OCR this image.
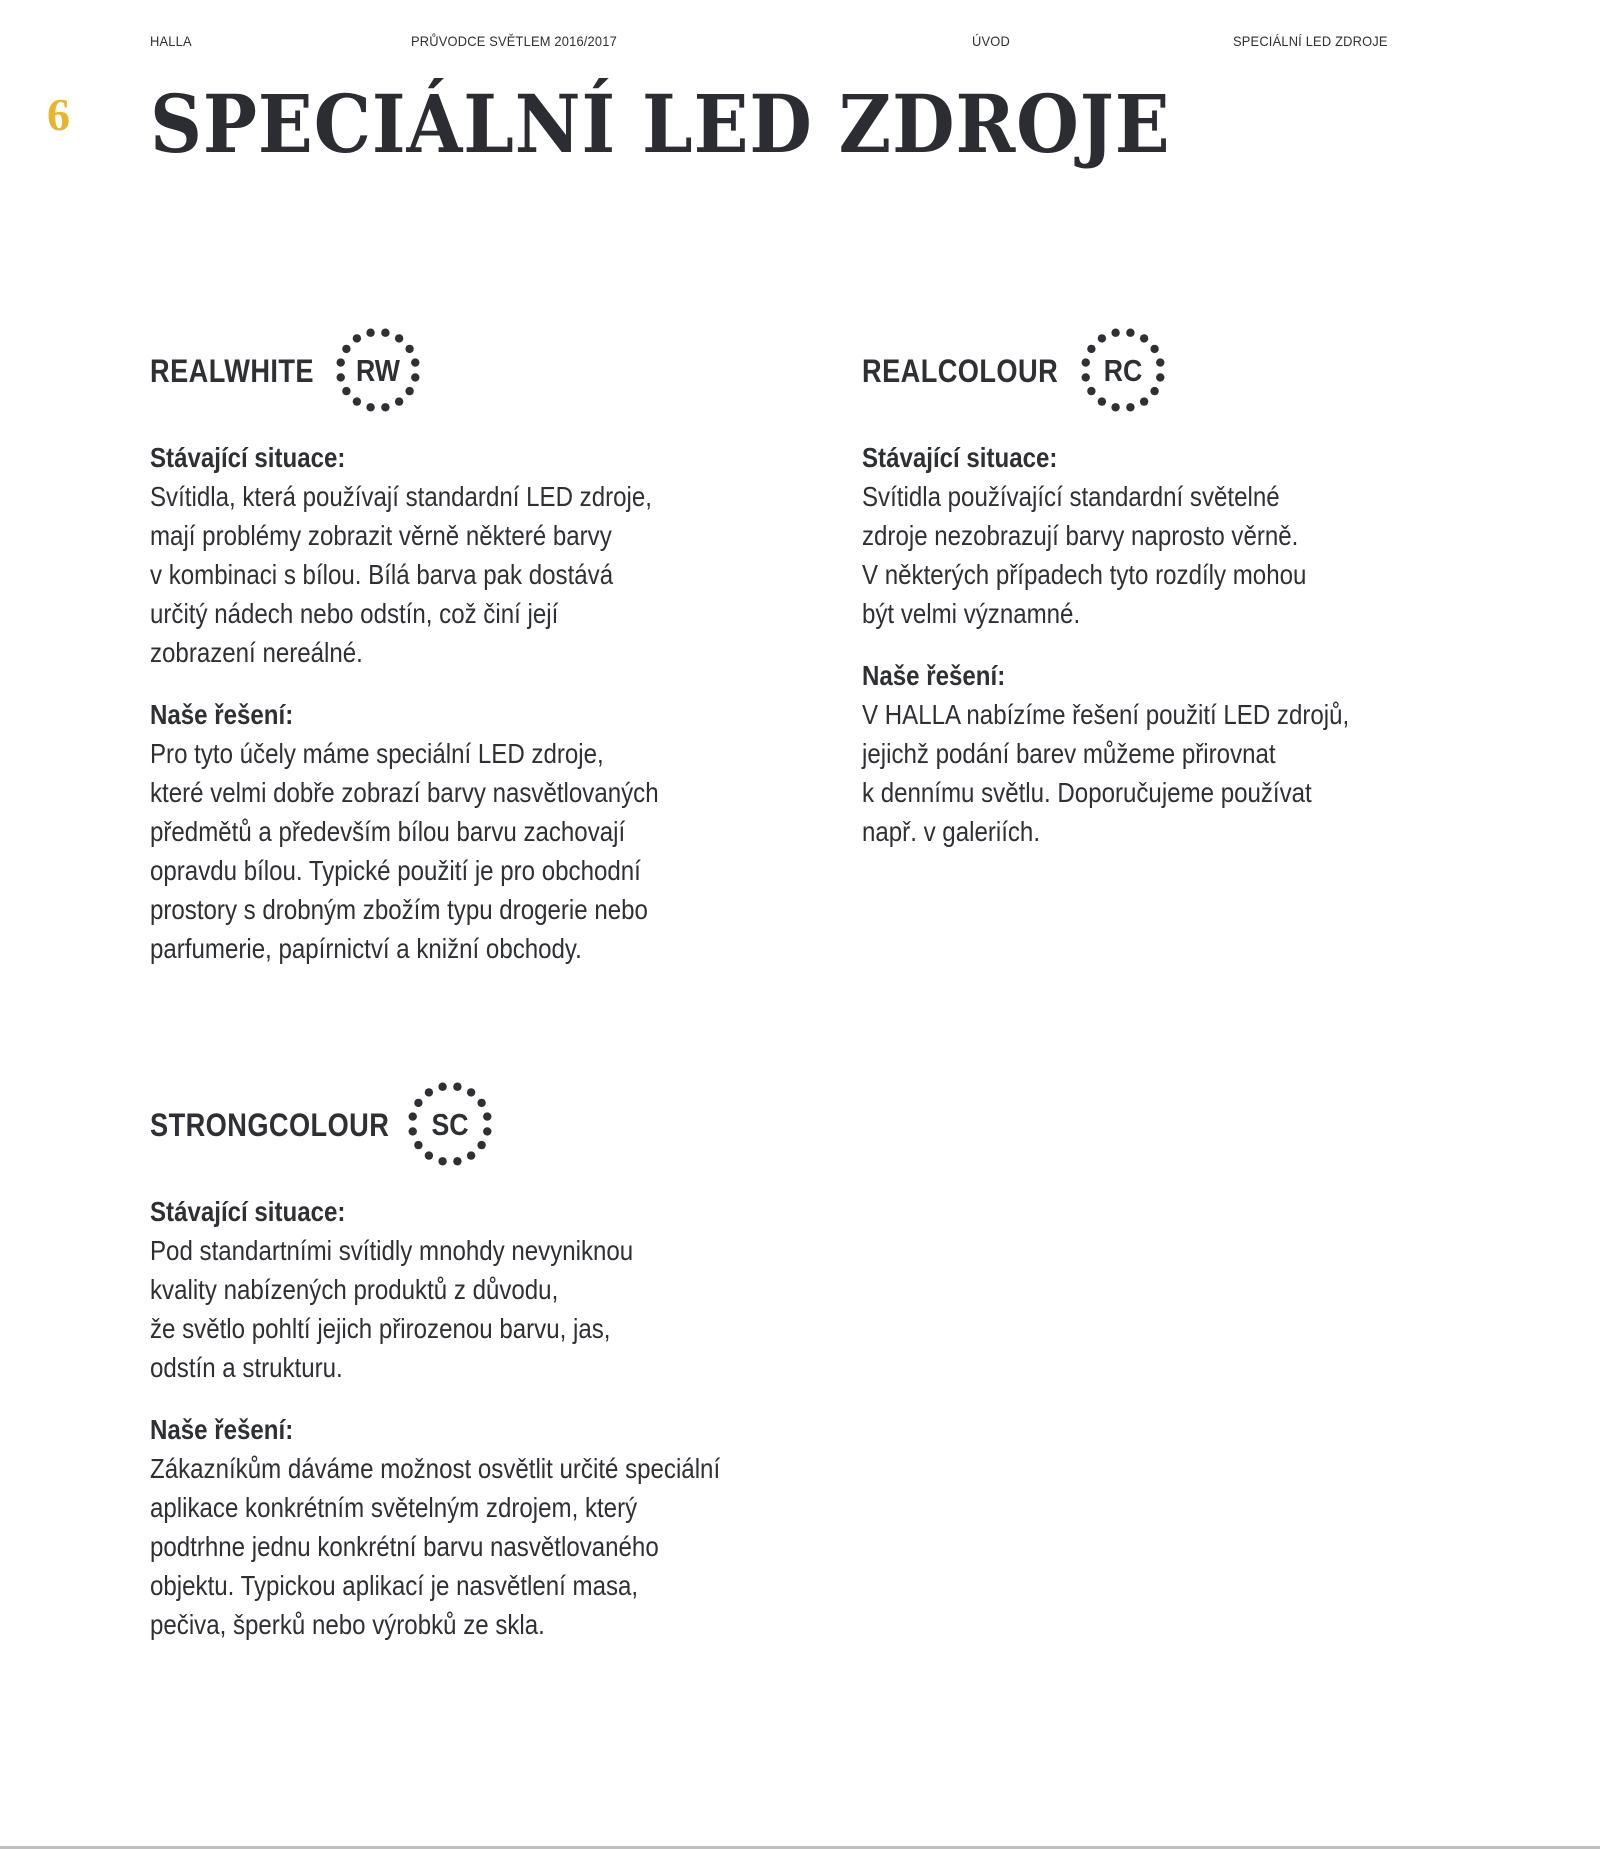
HALLA	PRŮVODCE SVĚTLEM 2016/2017	ÚVOD	SPECIÁLNÍ LED ZDROJE
6 SPECIÁLNÍ LED ZDROJE
REALWHITE RW
Stávající situace:

Svítidla, která používají standardní LED zdroje,
mají problémy zobrazit věrně některé barvy
v kombinaci s bílou. Bílá barva pak dostává
určitý nádech nebo odstín, což činí její
zobrazení nereálné.

Naše řešení:

Pro tyto účely máme speciální LED zdroje,
které velmi dobře zobrazí barvy nasvětlovaných
předmětů a především bílou barvu zachovají
opravdu bílou. Typické použití je pro obchodní
prostory s drobným zbožím typu drogerie nebo
parfumerie, papírnictví a knižní obchody.

REALCOLOUR RC
Stávající situace:

Svítidla používající standardní světelné
zdroje nezobrazují barvy naprosto věrně.
V některých případech tyto rozdíly mohou
být velmi významné.

Naše řešení:

V HALLA nabízíme řešení použití LED zdrojů,
jejichž podání barev můžeme přirovnat
k dennímu světlu. Doporučujeme používat
např. v galeriích.

STRONGCOLOUR SC
Stávající situace:

Pod standartními svítidly mnohdy nevyniknou
kvality nabízených produktů z důvodu,
že světlo pohltí jejich přirozenou barvu, jas,
odstín a strukturu.

Naše řešení:

Zákazníkům dáváme možnost osvětlit určité speciální
aplikace konkrétním světelným zdrojem, který
podtrhne jednu konkrétní barvu nasvětlovaného
objektu. Typickou aplikací je nasvětlení masa,
pečiva, šperků nebo výrobků ze skla.
